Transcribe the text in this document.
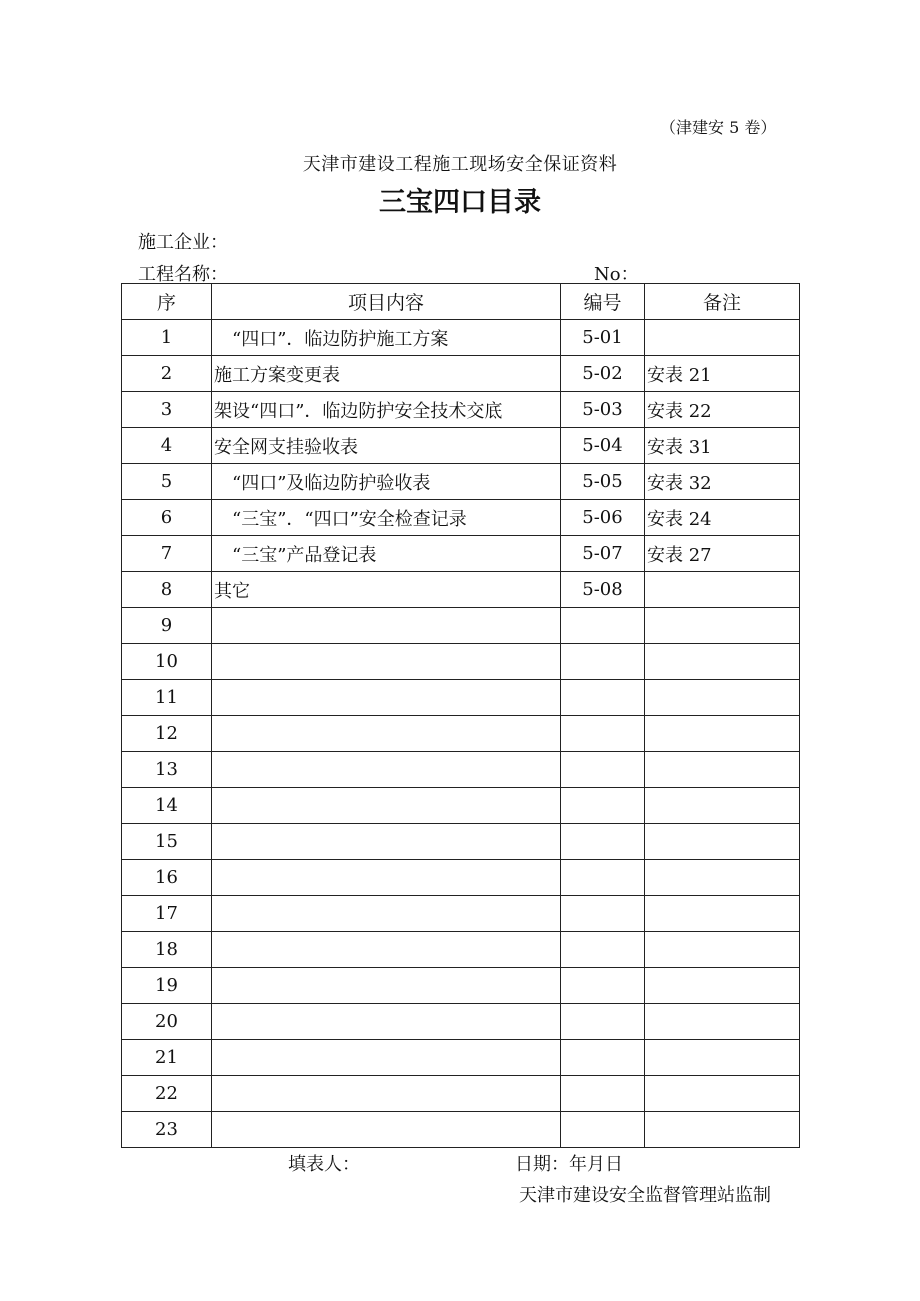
（津建安 5 卷）
天津市建设工程施工现场安全保证资料
三宝四口目录
施工企业：
工程名称：	No：
序	项目内容	编号	备注
1	　“四口”．临边防护施工方案	5-01	
2	施工方案变更表	5-02	安表 21
3	架设“四口”．临边防护安全技术交底	5-03	安表 22
4	安全网支挂验收表	5-04	安表 31
5	　“四口”及临边防护验收表	5-05	安表 32
6	　“三宝”．“四口”安全检查记录	5-06	安表 24
7	　“三宝”产品登记表	5-07	安表 27
8	其它	5-08	
9			
10			
11			
12			
13			
14			
15			
16			
17			
18			
19			
20			
21			
22			
23			
填表人：	日期：年月日
天津市建设安全监督管理站监制
